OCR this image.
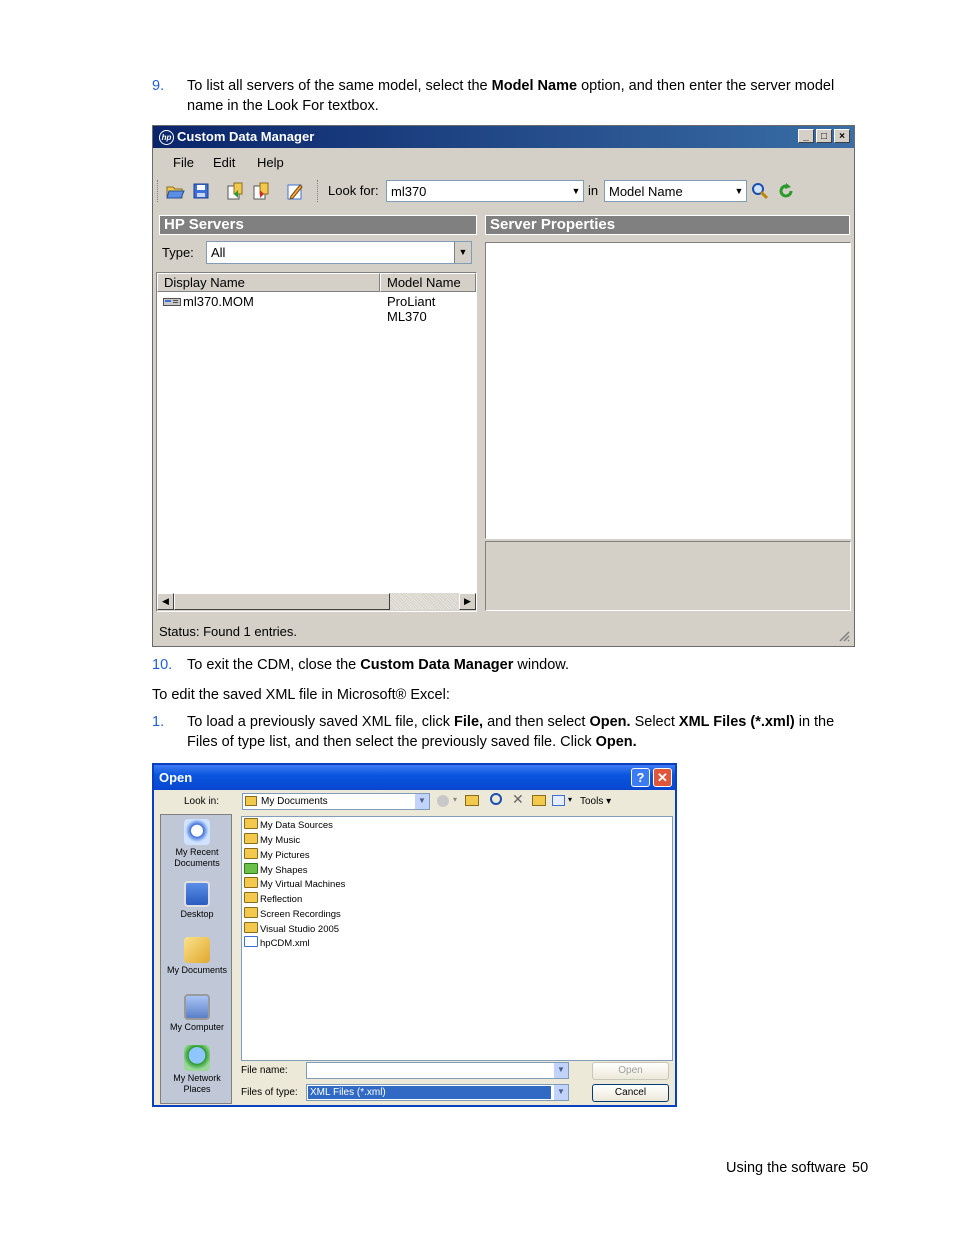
9. To list all servers of the same model, select the Model Name option, and then enter the server model
name in the Look For textbox.
hp Custom Data Manager	_	□	×
File Edit Help
Look for: ml370	▼ in Model Name	▼
HP Servers
Type: All	▼
Display Name	Model Name
ml370.MOM	ProLiant ML370
◀	▶
Server Properties
Status: Found 1 entries.
10. To exit the CDM, close the Custom Data Manager window.
To edit the saved XML file in Microsoft® Excel:
1. To load a previously saved XML file, click File, and then select Open. Select XML Files (*.xml) in the
Files of type list, and then select the previously saved file. Click Open.
Open	? ✕
Look in:	My Documents	▼	▾	✕	▾ Tools ▾
My Recent Documents
Desktop
My Documents
My Computer
My Network Places
My Data Sources
My Music
My Pictures
My Shapes
My Virtual Machines
Reflection
Screen Recordings
Visual Studio 2005
hpCDM.xml
File name:	▼
Files of type: XML Files (*.xml)	▼
Open
Cancel
Using the software 50
